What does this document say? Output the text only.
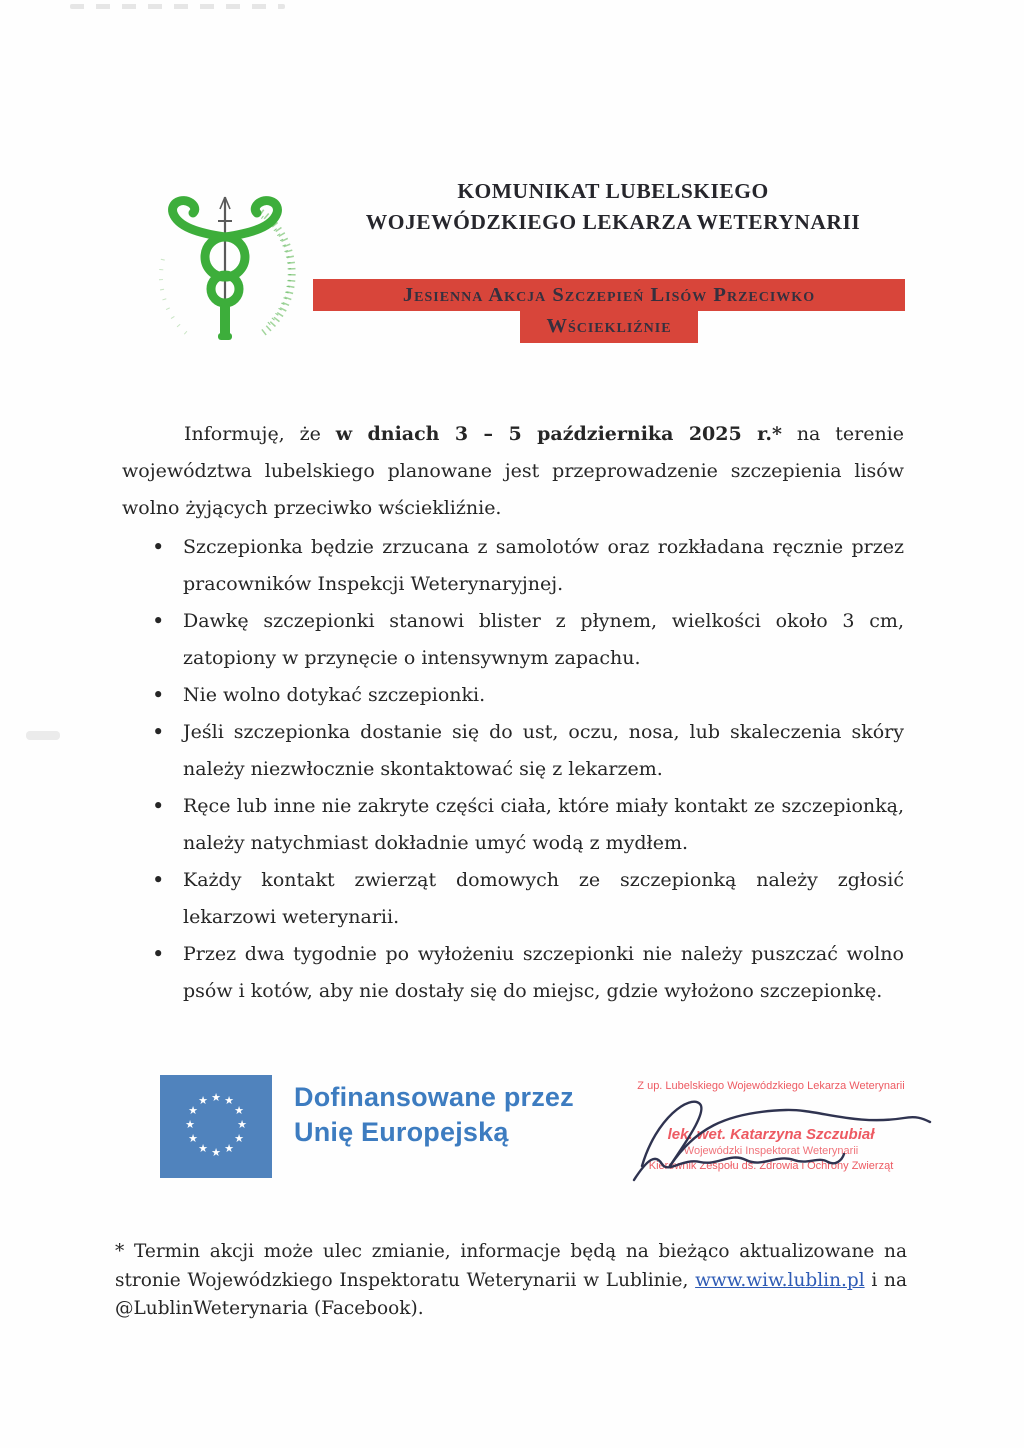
KOMUNIKAT LUBELSKIEGO
WOJEWÓDZKIEGO LEKARZA WETERYNARII
Jesienna Akcja Szczepień Lisów Przeciwko
Wściekliźnie

Informuję, że w dniach 3 – 5 października 2025 r.* na terenie województwa lubelskiego planowane jest przeprowadzenie szczepienia lisów wolno żyjących przeciwko wściekliźnie.

• Szczepionka będzie zrzucana z samolotów oraz rozkładana ręcznie przez pracowników Inspekcji Weterynaryjnej.
• Dawkę szczepionki stanowi blister z płynem, wielkości około 3 cm, zatopiony w przynęcie o intensywnym zapachu.
• Nie wolno dotykać szczepionki.
• Jeśli szczepionka dostanie się do ust, oczu, nosa, lub skaleczenia skóry należy niezwłocznie skontaktować się z lekarzem.
• Ręce lub inne nie zakryte części ciała, które miały kontakt ze szczepionką, należy natychmiast dokładnie umyć wodą z mydłem.
• Każdy kontakt zwierząt domowych ze szczepionką należy zgłosić lekarzowi weterynarii.
• Przez dwa tygodnie po wyłożeniu szczepionki nie należy puszczać wolno psów i kotów, aby nie dostały się do miejsc, gdzie wyłożono szczepionkę.
★ ★
★
★
★
★
★
★
★
★
★
★	Dofinansowane przez
Unię Europejską
Z up. Lubelskiego Wojewódzkiego Lekarza Weterynarii
lek. wet. Katarzyna Szczubiał
Wojewódzki Inspektorat Weterynarii
Kierownik Zespołu ds. Zdrowia i Ochrony Zwierząt
* Termin akcji może ulec zmianie, informacje będą na bieżąco aktualizowane na stronie Wojewódzkiego Inspektoratu Weterynarii w Lublinie, www.wiw.lublin.pl i na @LublinWeterynaria (Facebook).
